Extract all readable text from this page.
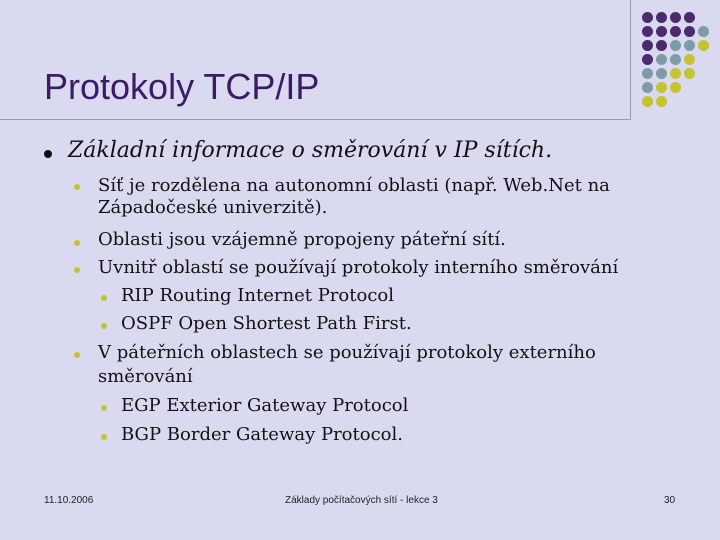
Protokoly TCP/IP
Základní informace o směrování v IP sítích.
Síť je rozdělena na autonomní oblasti (např. Web.Net na
Západočeské univerzitě).
Oblasti jsou vzájemně propojeny páteřní sítí.
Uvnitř oblastí se používají protokoly interního směrování
RIP Routing Internet Protocol
OSPF Open Shortest Path First.
V páteřních oblastech se používají protokoly externího
směrování
EGP Exterior Gateway Protocol
BGP Border Gateway Protocol.
11.10.2006	Základy počítačových sítí - lekce 3	30
